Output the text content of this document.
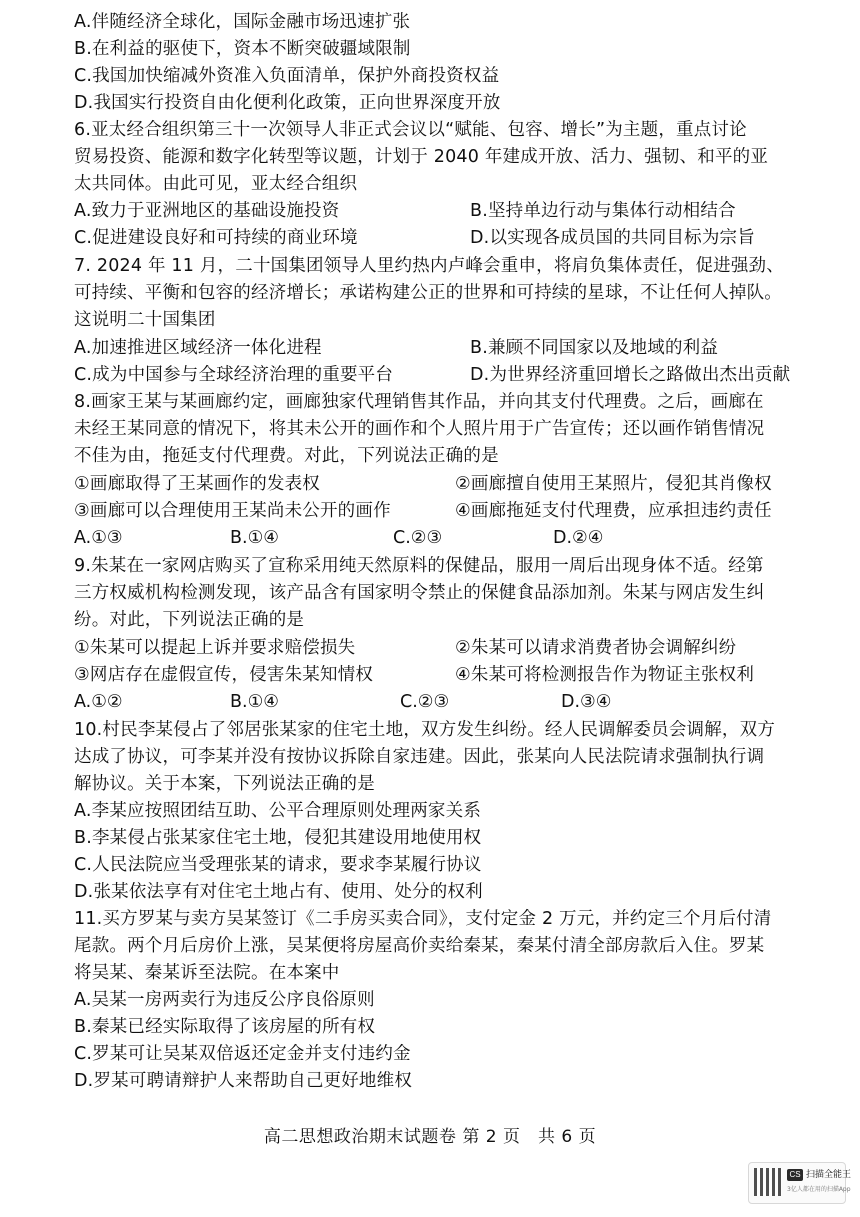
A.伴随经济全球化，国际金融市场迅速扩张
B.在利益的驱使下，资本不断突破疆域限制
C.我国加快缩减外资准入负面清单，保护外商投资权益
D.我国实行投资自由化便利化政策，正向世界深度开放
6.亚太经合组织第三十一次领导人非正式会议以“赋能、包容、增长”为主题，重点讨论
贸易投资、能源和数字化转型等议题，计划于 2040 年建成开放、活力、强韧、和平的亚
太共同体。由此可见，亚太经合组织
A.致力于亚洲地区的基础设施投资	B.坚持单边行动与集体行动相结合
C.促进建设良好和可持续的商业环境	D.以实现各成员国的共同目标为宗旨
7. 2024 年 11 月，二十国集团领导人里约热内卢峰会重申，将肩负集体责任，促进强劲、
可持续、平衡和包容的经济增长；承诺构建公正的世界和可持续的星球，不让任何人掉队。
这说明二十国集团
A.加速推进区域经济一体化进程	B.兼顾不同国家以及地域的利益
C.成为中国参与全球经济治理的重要平台	D.为世界经济重回增长之路做出杰出贡献
8.画家王某与某画廊约定，画廊独家代理销售其作品，并向其支付代理费。之后，画廊在
未经王某同意的情况下，将其未公开的画作和个人照片用于广告宣传；还以画作销售情况
不佳为由，拖延支付代理费。对此，下列说法正确的是
①画廊取得了王某画作的发表权	②画廊擅自使用王某照片，侵犯其肖像权
③画廊可以合理使用王某尚未公开的画作	④画廊拖延支付代理费，应承担违约责任
A.①③	B.①④	C.②③	D.②④
9.朱某在一家网店购买了宣称采用纯天然原料的保健品，服用一周后出现身体不适。经第
三方权威机构检测发现，该产品含有国家明令禁止的保健食品添加剂。朱某与网店发生纠
纷。对此，下列说法正确的是
①朱某可以提起上诉并要求赔偿损失	②朱某可以请求消费者协会调解纠纷
③网店存在虚假宣传，侵害朱某知情权	④朱某可将检测报告作为物证主张权利
A.①②	B.①④	C.②③	D.③④
10.村民李某侵占了邻居张某家的住宅土地，双方发生纠纷。经人民调解委员会调解，双方
达成了协议，可李某并没有按协议拆除自家违建。因此，张某向人民法院请求强制执行调
解协议。关于本案，下列说法正确的是
A.李某应按照团结互助、公平合理原则处理两家关系
B.李某侵占张某家住宅土地，侵犯其建设用地使用权
C.人民法院应当受理张某的请求，要求李某履行协议
D.张某依法享有对住宅土地占有、使用、处分的权利
11.买方罗某与卖方吴某签订《二手房买卖合同》，支付定金 2 万元，并约定三个月后付清
尾款。两个月后房价上涨，吴某便将房屋高价卖给秦某，秦某付清全部房款后入住。罗某
将吴某、秦某诉至法院。在本案中
A.吴某一房两卖行为违反公序良俗原则
B.秦某已经实际取得了该房屋的所有权
C.罗某可让吴某双倍返还定金并支付违约金
D.罗某可聘请辩护人来帮助自己更好地维权
高二思想政治期末试题卷 第 2 页　共 6 页
CS 扫描全能王
3亿人都在用的扫描App
